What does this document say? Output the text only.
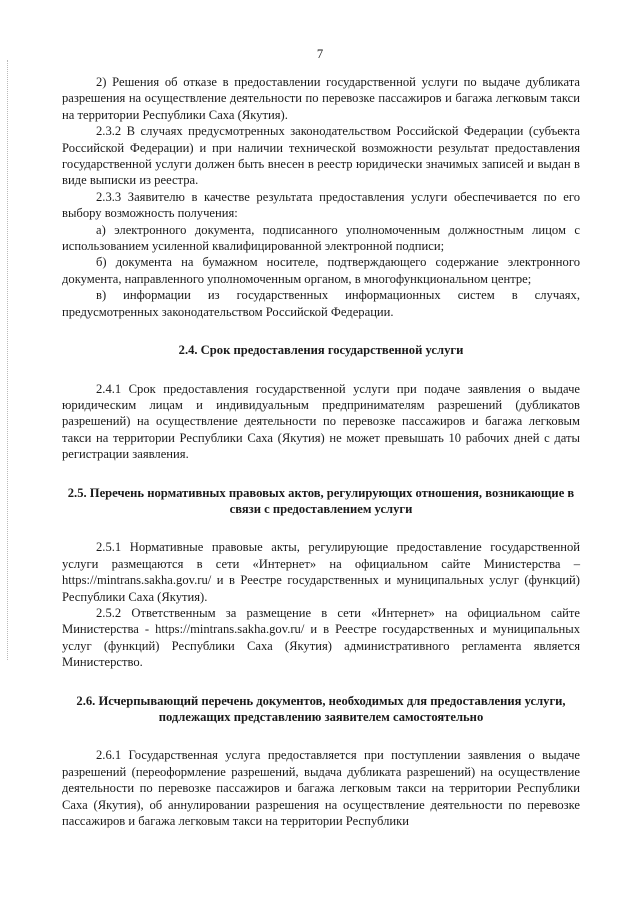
7

2) Решения об отказе в предоставлении государственной услуги по выдаче дубликата разрешения на осуществление деятельности по перевозке пассажиров и багажа легковым такси на территории Республики Саха (Якутия).

2.3.2 В случаях предусмотренных законодательством Российской Федерации (субъекта Российской Федерации) и при наличии технической возможности результат предоставления государственной услуги должен быть внесен в реестр юридически значимых записей и выдан в виде выписки из реестра.

2.3.3 Заявителю в качестве результата предоставления услуги обеспечивается по его выбору возможность получения:

а) электронного документа, подписанного уполномоченным должностным лицом с использованием усиленной квалифицированной электронной подписи;

б) документа на бумажном носителе, подтверждающего содержание электронного документа, направленного уполномоченным органом, в многофункциональном центре;

в) информации из государственных информационных систем в случаях, предусмотренных законодательством Российской Федерации.

2.4. Срок предоставления государственной услуги

2.4.1 Срок предоставления государственной услуги при подаче заявления о выдаче юридическим лицам и индивидуальным предпринимателям разрешений (дубликатов разрешений) на осуществление деятельности по перевозке пассажиров и багажа легковым такси на территории Республики Саха (Якутия) не может превышать 10 рабочих дней с даты регистрации заявления.

2.5. Перечень нормативных правовых актов, регулирующих отношения, возникающие в связи с предоставлением услуги

2.5.1 Нормативные правовые акты, регулирующие предоставление государственной услуги размещаются в сети «Интернет» на официальном сайте Министерства – https://mintrans.sakha.gov.ru/ и в Реестре государственных и муниципальных услуг (функций) Республики Саха (Якутия).

2.5.2 Ответственным за размещение в сети «Интернет» на официальном сайте Министерства - https://mintrans.sakha.gov.ru/ и в Реестре государственных и муниципальных услуг (функций) Республики Саха (Якутия) административного регламента является Министерство.

2.6. Исчерпывающий перечень документов, необходимых для предоставления услуги, подлежащих представлению заявителем самостоятельно

2.6.1 Государственная услуга предоставляется при поступлении заявления о выдаче разрешений (переоформление разрешений, выдача дубликата разрешений) на осуществление деятельности по перевозке пассажиров и багажа легковым такси на территории Республики Саха (Якутия), об аннулировании разрешения на осуществление деятельности по перевозке пассажиров и багажа легковым такси на территории Республики
